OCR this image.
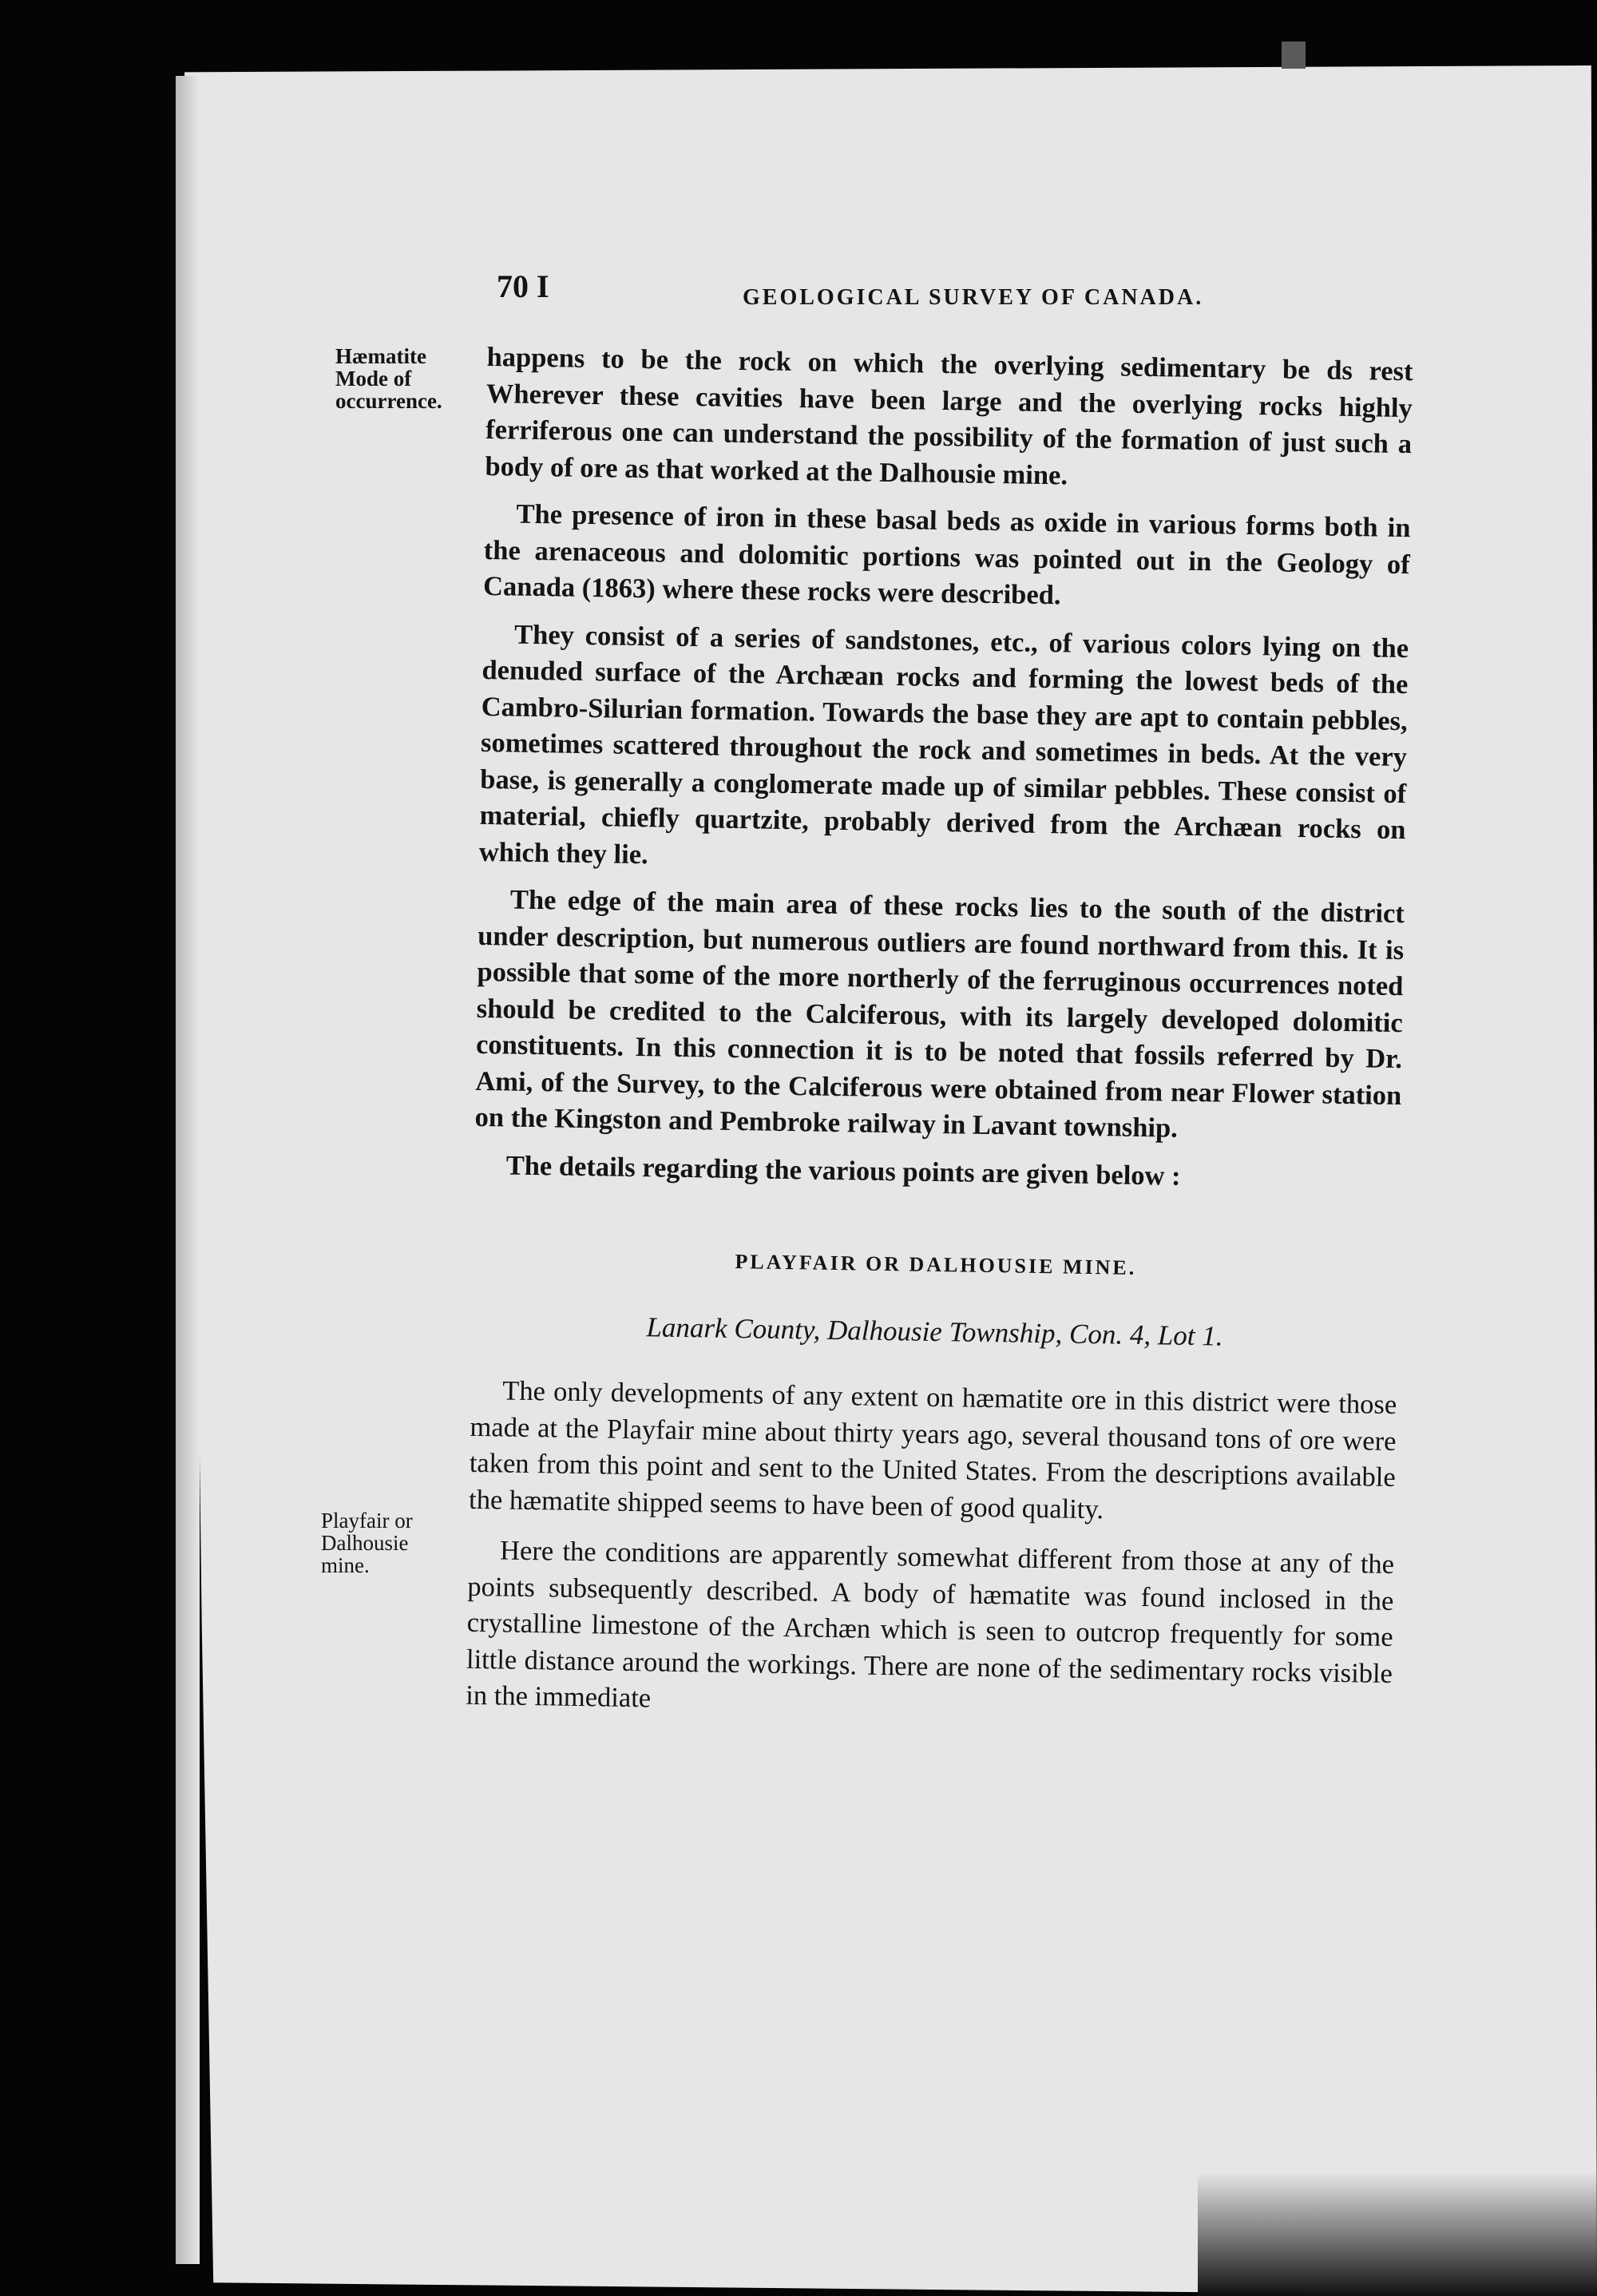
70 I	GEOLOGICAL SURVEY OF CANADA.
Hæmatite
Mode of
occurrence.
Playfair or
Dalhousie
mine.

happens to be the rock on which the overlying sedimentary be ds rest Wherever these cavities have been large and the overlying rocks highly ferriferous one can understand the possibility of the formation of just such a body of ore as that worked at the Dalhousie mine.

The presence of iron in these basal beds as oxide in various forms both in the arenaceous and dolomitic portions was pointed out in the Geology of Canada (1863) where these rocks were described.

They consist of a series of sandstones, etc., of various colors lying on the denuded surface of the Archæan rocks and forming the lowest beds of the Cambro-Silurian formation. Towards the base they are apt to contain pebbles, sometimes scattered throughout the rock and sometimes in beds. At the very base, is generally a conglomerate made up of similar pebbles. These consist of material, chiefly quartzite, probably derived from the Archæan rocks on which they lie.

The edge of the main area of these rocks lies to the south of the district under description, but numerous outliers are found northward from this. It is possible that some of the more northerly of the ferruginous occurrences noted should be credited to the Calciferous, with its largely developed dolomitic constituents. In this connection it is to be noted that fossils referred by Dr. Ami, of the Survey, to the Calciferous were obtained from near Flower station on the Kingston and Pembroke railway in Lavant township.

The details regarding the various points are given below :

PLAYFAIR OR DALHOUSIE MINE.

Lanark County, Dalhousie Township, Con. 4, Lot 1.

The only developments of any extent on hæmatite ore in this district were those made at the Playfair mine about thirty years ago, several thousand tons of ore were taken from this point and sent to the United States. From the descriptions available the hæmatite shipped seems to have been of good quality.

Here the conditions are apparently somewhat different from those at any of the points subsequently described. A body of hæmatite was found inclosed in the crystalline limestone of the Archæn which is seen to outcrop frequently for some little distance around the workings. There are none of the sedimentary rocks visible in the immediate
